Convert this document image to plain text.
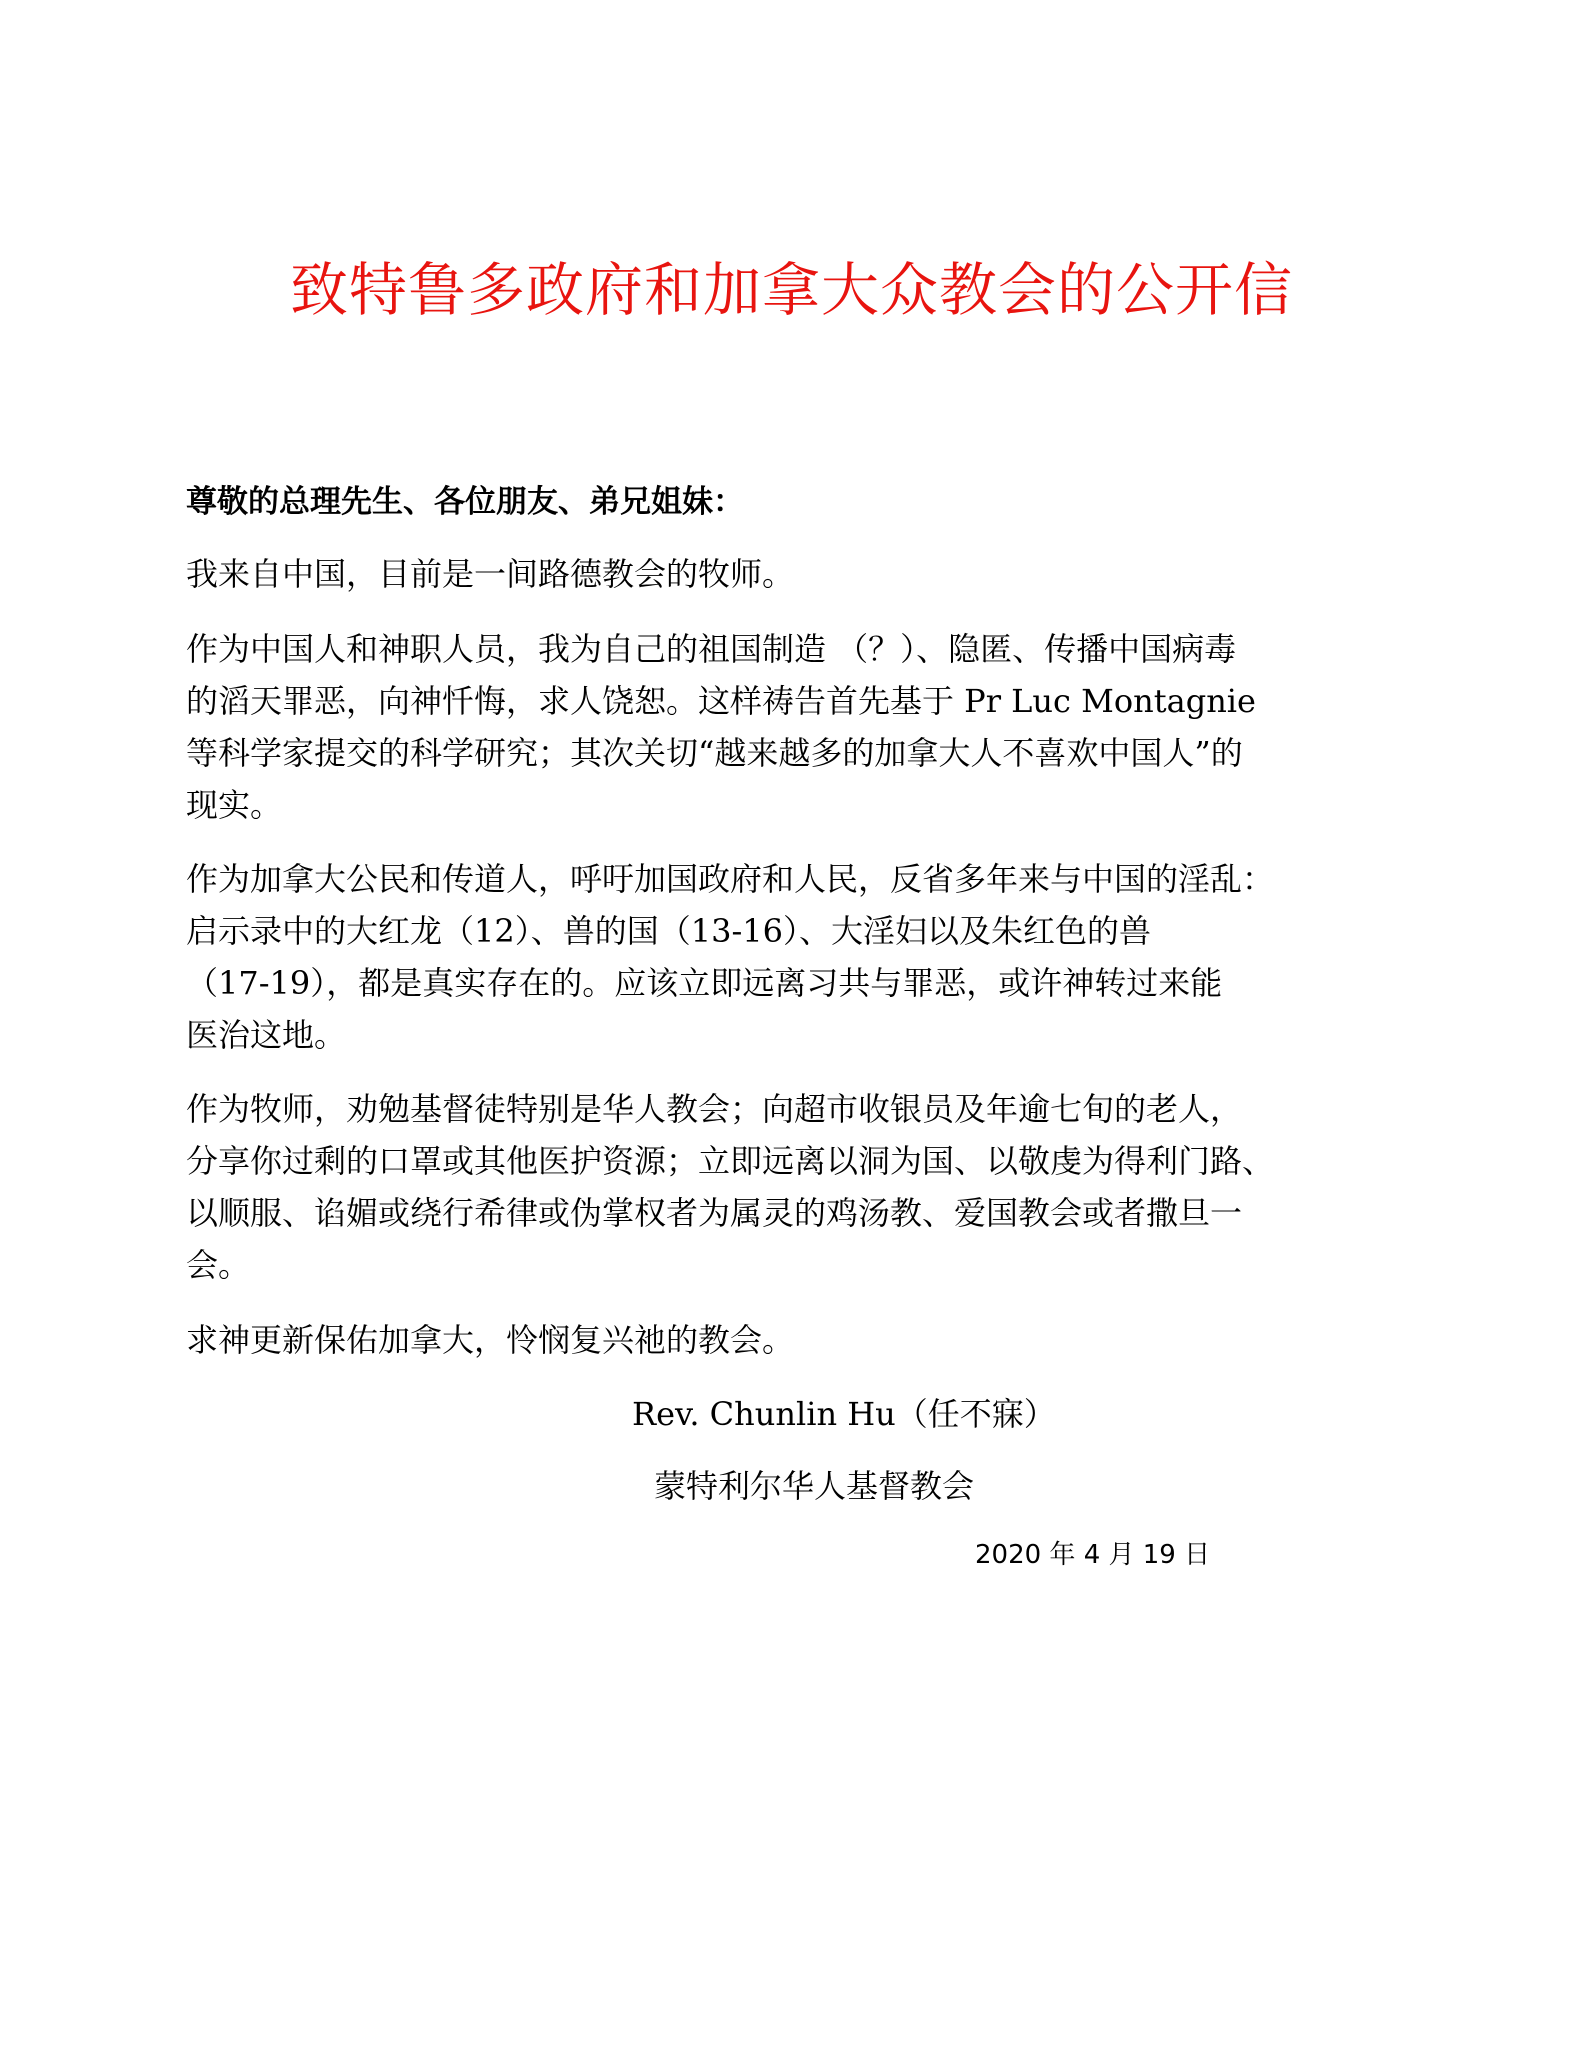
致特鲁多政府和加拿大众教会的公开信
尊敬的总理先生、各位朋友、弟兄姐妹：
我来自中国，目前是一间路德教会的牧师。
作为中国人和神职人员，我为自己的祖国制造 （？）、隐匿、传播中国病毒
的滔天罪恶，向神忏悔，求人饶恕。这样祷告首先基于 Pr Luc Montagnie
等科学家提交的科学研究；其次关切“越来越多的加拿大人不喜欢中国人”的
现实。
作为加拿大公民和传道人，呼吁加国政府和人民，反省多年来与中国的淫乱：
启示录中的大红龙（12）、兽的国（13-16）、大淫妇以及朱红色的兽
（17-19），都是真实存在的。应该立即远离习共与罪恶，或许神转过来能
医治这地。
作为牧师，劝勉基督徒特别是华人教会；向超市收银员及年逾七旬的老人，
分享你过剩的口罩或其他医护资源；立即远离以洞为国、以敬虔为得利门路、
以顺服、谄媚或绕行希律或伪掌权者为属灵的鸡汤教、爱国教会或者撒旦一
会。
求神更新保佑加拿大，怜悯复兴祂的教会。
Rev. Chunlin Hu（任不寐）
蒙特利尔华人基督教会
2020 年 4 月 19 日
